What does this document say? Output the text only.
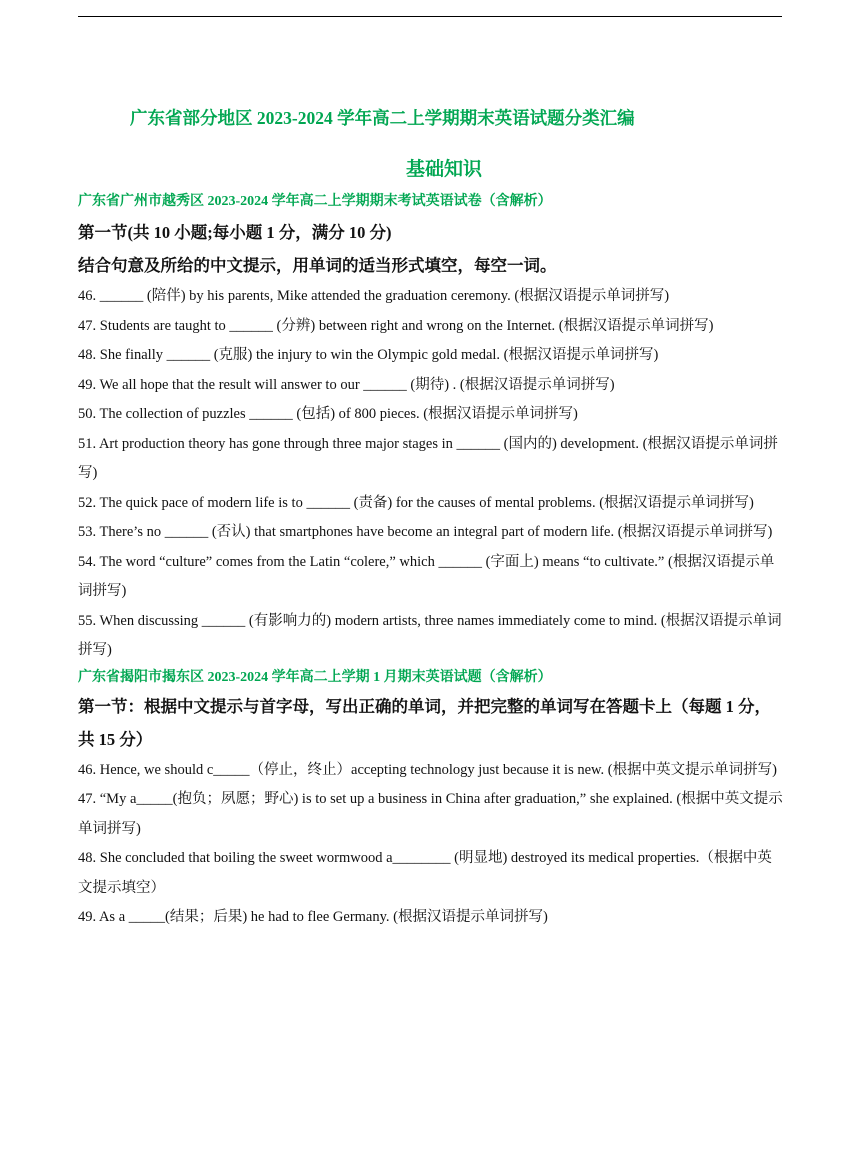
广东省部分地区 2023-2024 学年高二上学期期末英语试题分类汇编
基础知识
广东省广州市越秀区 2023-2024 学年高二上学期期末考试英语试卷（含解析）
第一节(共 10 小题;每小题 1 分，满分 10 分)
结合句意及所给的中文提示，用单词的适当形式填空，每空一词。
46. ______ (陪伴) by his parents, Mike attended the graduation ceremony. (根据汉语提示单词拼写)
47. Students are taught to ______ (分辨) between right and wrong on the Internet. (根据汉语提示单词拼写)
48. She finally ______ (克服) the injury to win the Olympic gold medal. (根据汉语提示单词拼写)
49. We all hope that the result will answer to our ______ (期待) . (根据汉语提示单词拼写)
50. The collection of puzzles ______ (包括) of 800 pieces. (根据汉语提示单词拼写)
51. Art production theory has gone through three major stages in ______ (国内的) development. (根据汉语提示单词拼写)
52. The quick pace of modern life is to ______ (责备) for the causes of mental problems. (根据汉语提示单词拼写)
53. There’s no ______ (否认) that smartphones have become an integral part of modern life. (根据汉语提示单词拼写)
54. The word “culture” comes from the Latin “colere,” which ______ (字面上) means “to cultivate.” (根据汉语提示单词拼写)
55. When discussing ______ (有影响力的) modern artists, three names immediately come to mind. (根据汉语提示单词拼写)
广东省揭阳市揭东区 2023-2024 学年高二上学期 1 月期末英语试题（含解析）
第一节：根据中文提示与首字母，写出正确的单词，并把完整的单词写在答题卡上（每题 1 分，共 15 分）
46. Hence, we should c_____（停止，终止）accepting technology just because it is new. (根据中英文提示单词拼写)
47. “My a_____(抱负；夙愿；野心) is to set up a business in China after graduation,” she explained. (根据中英文提示单词拼写)
48. She concluded that boiling the sweet wormwood a________ (明显地) destroyed its medical properties.（根据中英文提示填空）
49. As a _____(结果；后果) he had to flee Germany. (根据汉语提示单词拼写)
